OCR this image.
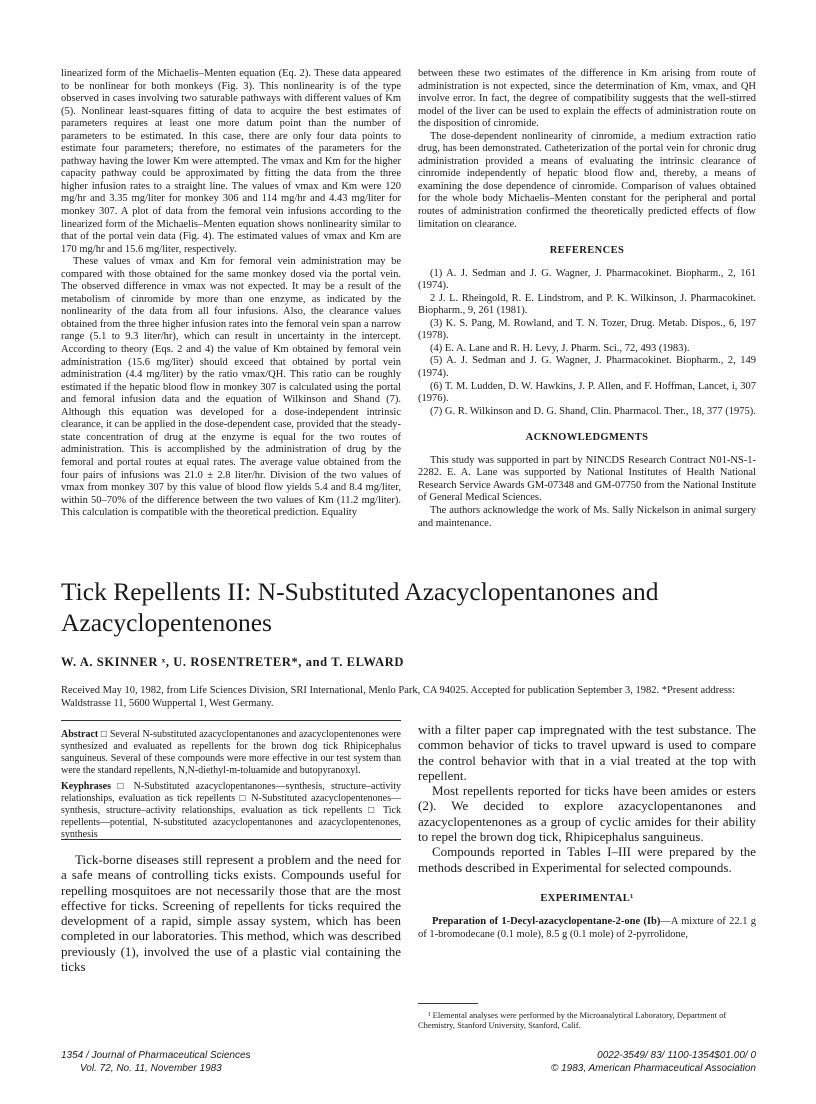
linearized form of the Michaelis–Menten equation (Eq. 2). These data appeared to be nonlinear for both monkeys (Fig. 3). This nonlinearity is of the type observed in cases involving two saturable pathways with different values of Km (5). Nonlinear least-squares fitting of data to acquire the best estimates of parameters requires at least one more datum point than the number of parameters to be estimated. In this case, there are only four data points to estimate four parameters; therefore, no estimates of the parameters for the pathway having the lower Km were attempted. The vmax and Km for the higher capacity pathway could be approximated by fitting the data from the three higher infusion rates to a straight line. The values of vmax and Km were 120 mg/hr and 3.35 mg/liter for monkey 306 and 114 mg/hr and 4.43 mg/liter for monkey 307. A plot of data from the femoral vein infusions according to the linearized form of the Michaelis–Menten equation shows nonlinearity similar to that of the portal vein data (Fig. 4). The estimated values of vmax and Km are 170 mg/hr and 15.6 mg/liter, respectively.

These values of vmax and Km for femoral vein administration may be compared with those obtained for the same monkey dosed via the portal vein. The observed difference in vmax was not expected. It may be a result of the metabolism of cinromide by more than one enzyme, as indicated by the nonlinearity of the data from all four infusions. Also, the clearance values obtained from the three higher infusion rates into the femoral vein span a narrow range (5.1 to 9.3 liter/hr), which can result in uncertainty in the intercept. According to theory (Eqs. 2 and 4) the value of Km obtained by femoral vein administration (15.6 mg/liter) should exceed that obtained by portal vein administration (4.4 mg/liter) by the ratio vmax/QH. This ratio can be roughly estimated if the hepatic blood flow in monkey 307 is calculated using the portal and femoral infusion data and the equation of Wilkinson and Shand (7). Although this equation was developed for a dose-independent intrinsic clearance, it can be applied in the dose-dependent case, provided that the steady-state concentration of drug at the enzyme is equal for the two routes of administration. This is accomplished by the administration of drug by the femoral and portal routes at equal rates. The average value obtained from the four pairs of infusions was 21.0 ± 2.8 liter/hr. Division of the two values of vmax from monkey 307 by this value of blood flow yields 5.4 and 8.4 mg/liter, within 50–70% of the difference between the two values of Km (11.2 mg/liter). This calculation is compatible with the theoretical prediction. Equality

between these two estimates of the difference in Km arising from route of administration is not expected, since the determination of Km, vmax, and QH involve error. In fact, the degree of compatibility suggests that the well-stirred model of the liver can be used to explain the effects of administration route on the disposition of cinromide.

The dose-dependent nonlinearity of cinromide, a medium extraction ratio drug, has been demonstrated. Catheterization of the portal vein for chronic drug administration provided a means of evaluating the intrinsic clearance of cinromide independently of hepatic blood flow and, thereby, a means of examining the dose dependence of cinromide. Comparison of values obtained for the whole body Michaelis–Menten constant for the peripheral and portal routes of administration confirmed the theoretically predicted effects of flow limitation on clearance.

REFERENCES

(1) A. J. Sedman and J. G. Wagner, J. Pharmacokinet. Biopharm., 2, 161 (1974).

2 J. L. Rheingold, R. E. Lindstrom, and P. K. Wilkinson, J. Pharmacokinet. Biopharm., 9, 261 (1981).

(3) K. S. Pang, M. Rowland, and T. N. Tozer, Drug. Metab. Dispos., 6, 197 (1978).

(4) E. A. Lane and R. H. Levy, J. Pharm. Sci., 72, 493 (1983).

(5) A. J. Sedman and J. G. Wagner, J. Pharmacokinet. Biopharm., 2, 149 (1974).

(6) T. M. Ludden, D. W. Hawkins, J. P. Allen, and F. Hoffman, Lancet, i, 307 (1976).

(7) G. R. Wilkinson and D. G. Shand, Clin. Pharmacol. Ther., 18, 377 (1975).

ACKNOWLEDGMENTS

This study was supported in part by NINCDS Research Contract N01-NS-1-2282. E. A. Lane was supported by National Institutes of Health National Research Service Awards GM-07348 and GM-07750 from the National Institute of General Medical Sciences.

The authors acknowledge the work of Ms. Sally Nickelson in animal surgery and maintenance.

Tick Repellents II: N-Substituted Azacyclopentanones and Azacyclopentenones

W. A. SKINNER ˣ, U. ROSENTRETER*, and T. ELWARD

Received May 10, 1982, from Life Sciences Division, SRI International, Menlo Park, CA 94025. Accepted for publication September 3, 1982. *Present address: Waldstrasse 11, 5600 Wuppertal 1, West Germany.

Abstract □ Several N-substituted azacyclopentanones and azacyclopentenones were synthesized and evaluated as repellents for the brown dog tick Rhipicephalus sanguineus. Several of these compounds were more effective in our test system than were the standard repellents, N,N-diethyl-m-toluamide and butopyranoxyl.

Keyphrases □ N-Substituted azacyclopentanones—synthesis, structure–activity relationships, evaluation as tick repellents □ N-Substituted azacyclopentenones—synthesis, structure–activity relationships, evaluation as tick repellents □ Tick repellents—potential, N-substituted azacyclopentanones and azacyclopentenones, synthesis

Tick-borne diseases still represent a problem and the need for a safe means of controlling ticks exists. Compounds useful for repelling mosquitoes are not necessarily those that are the most effective for ticks. Screening of repellents for ticks required the development of a rapid, simple assay system, which has been completed in our laboratories. This method, which was described previously (1), involved the use of a plastic vial containing the ticks

with a filter paper cap impregnated with the test substance. The common behavior of ticks to travel upward is used to compare the control behavior with that in a vial treated at the top with repellent.

Most repellents reported for ticks have been amides or esters (2). We decided to explore azacyclopentanones and azacyclopentenones as a group of cyclic amides for their ability to repel the brown dog tick, Rhipicephalus sanguineus.

Compounds reported in Tables I–III were prepared by the methods described in Experimental for selected compounds.

EXPERIMENTAL¹

Preparation of 1-Decyl-azacyclopentane-2-one (Ib)—A mixture of 22.1 g of 1-bromodecane (0.1 mole), 8.5 g (0.1 mole) of 2-pyrrolidone,

¹ Elemental analyses were performed by the Microanalytical Laboratory, Department of Chemistry, Stanford University, Stanford, Calif.

1354 / Journal of Pharmaceutical Sciences
Vol. 72, No. 11, November 1983
0022-3549/ 83/ 1100-1354$01.00/ 0
© 1983, American Pharmaceutical Association
